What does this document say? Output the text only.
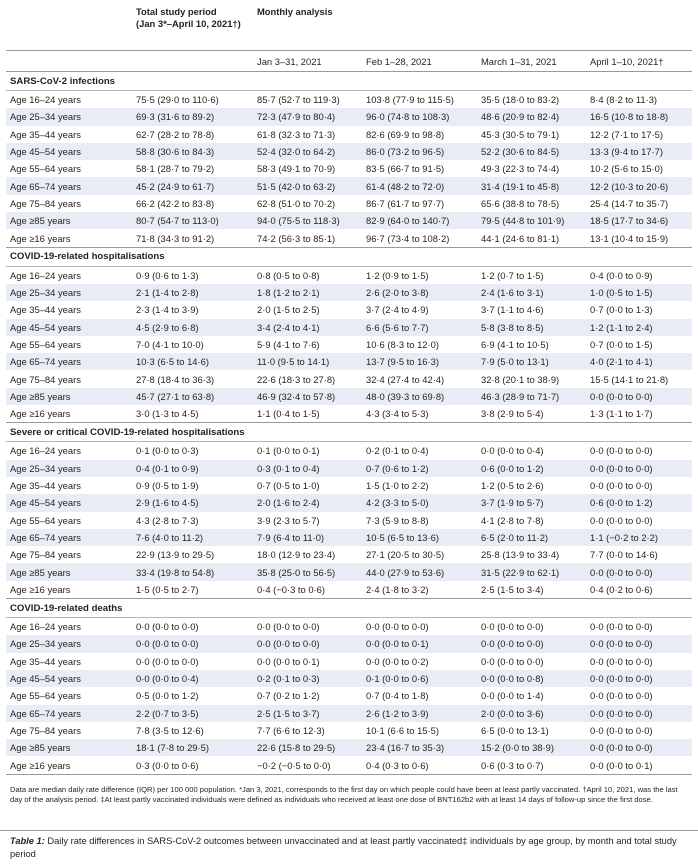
	Total study period
(Jan 3*–April 10, 2021†)	Monthly analysis			
		Jan 3–31, 2021	Feb 1–28, 2021	March 1–31, 2021	April 1–10, 2021†
SARS-CoV-2 infections					
Age 16–24 years	75·5 (29·0 to 110·6)	85·7 (52·7 to 119·3)	103·8 (77·9 to 115·5)	35·5 (18·0 to 83·2)	8·4 (8·2 to 11·3)
Age 25–34 years	69·3 (31·6 to 89·2)	72·3 (47·9 to 80·4)	96·0 (74·8 to 108·3)	48·6 (20·9 to 82·4)	16·5 (10·8 to 18·8)
Age 35–44 years	62·7 (28·2 to 78·8)	61·8 (32·3 to 71·3)	82·6 (69·9 to 98·8)	45·3 (30·5 to 79·1)	12·2 (7·1 to 17·5)
Age 45–54 years	58·8 (30·6 to 84·3)	52·4 (32·0 to 64·2)	86·0 (73·2 to 96·5)	52·2 (30·6 to 84·5)	13·3 (9·4 to 17·7)
Age 55–64 years	58·1 (28·7 to 79·2)	58·3 (49·1 to 70·9)	83·5 (66·7 to 91·5)	49·3 (22·3 to 74·4)	10·2 (5·6 to 15·0)
Age 65–74 years	45·2 (24·9 to 61·7)	51·5 (42·0 to 63·2)	61·4 (48·2 to 72·0)	31·4 (19·1 to 45·8)	12·2 (10·3 to 20·6)
Age 75–84 years	66·2 (42·2 to 83·8)	62·8 (51·0 to 70·2)	86·7 (61·7 to 97·7)	65·6 (38·8 to 78·5)	25·4 (14·7 to 35·7)
Age ≥85 years	80·7 (54·7 to 113·0)	94·0 (75·5 to 118·3)	82·9 (64·0 to 140·7)	79·5 (44·8 to 101·9)	18·5 (17·7 to 34·6)
Age ≥16 years	71·8 (34·3 to 91·2)	74·2 (56·3 to 85·1)	96·7 (73·4 to 108·2)	44·1 (24·6 to 81·1)	13·1 (10·4 to 15·9)
COVID-19-related hospitalisations					
Age 16–24 years	0·9 (0·6 to 1·3)	0·8 (0·5 to 0·8)	1·2 (0·9 to 1·5)	1·2 (0·7 to 1·5)	0·4 (0·0 to 0·9)
Age 25–34 years	2·1 (1·4 to 2·8)	1·8 (1·2 to 2·1)	2·6 (2·0 to 3·8)	2·4 (1·6 to 3·1)	1·0 (0·5 to 1·5)
Age 35–44 years	2·3 (1·4 to 3·9)	2·0 (1·5 to 2·5)	3·7 (2·4 to 4·9)	3·7 (1·1 to 4·6)	0·7 (0·0 to 1·3)
Age 45–54 years	4·5 (2·9 to 6·8)	3·4 (2·4 to 4·1)	6·6 (5·6 to 7·7)	5·8 (3·8 to 8·5)	1·2 (1·1 to 2·4)
Age 55–64 years	7·0 (4·1 to 10·0)	5·9 (4·1 to 7·6)	10·6 (8·3 to 12·0)	6·9 (4·1 to 10·5)	0·7 (0·0 to 1·5)
Age 65–74 years	10·3 (6·5 to 14·6)	11·0 (9·5 to 14·1)	13·7 (9·5 to 16·3)	7·9 (5·0 to 13·1)	4·0 (2·1 to 4·1)
Age 75–84 years	27·8 (18·4 to 36·3)	22·6 (18·3 to 27·8)	32·4 (27·4 to 42·4)	32·8 (20·1 to 38·9)	15·5 (14·1 to 21·8)
Age ≥85 years	45·7 (27·1 to 63·8)	46·9 (32·4 to 57·8)	48·0 (39·3 to 69·8)	46·3 (28·9 to 71·7)	0·0 (0·0 to 0·0)
Age ≥16 years	3·0 (1·3 to 4·5)	1·1 (0·4 to 1·5)	4·3 (3·4 to 5·3)	3·8 (2·9 to 5·4)	1·3 (1·1 to 1·7)
Severe or critical COVID-19-related hospitalisations					
Age 16–24 years	0·1 (0·0 to 0·3)	0·1 (0·0 to 0·1)	0·2 (0·1 to 0·4)	0·0 (0·0 to 0·4)	0·0 (0·0 to 0·0)
Age 25–34 years	0·4 (0·1 to 0·9)	0·3 (0·1 to 0·4)	0·7 (0·6 to 1·2)	0·6 (0·0 to 1·2)	0·0 (0·0 to 0·0)
Age 35–44 years	0·9 (0·5 to 1·9)	0·7 (0·5 to 1·0)	1·5 (1·0 to 2·2)	1·2 (0·5 to 2·6)	0·0 (0·0 to 0·0)
Age 45–54 years	2·9 (1·6 to 4·5)	2·0 (1·6 to 2·4)	4·2 (3·3 to 5·0)	3·7 (1·9 to 5·7)	0·6 (0·0 to 1·2)
Age 55–64 years	4·3 (2·8 to 7·3)	3·9 (2·3 to 5·7)	7·3 (5·9 to 8·8)	4·1 (2·8 to 7·8)	0·0 (0·0 to 0·0)
Age 65–74 years	7·6 (4·0 to 11·2)	7·9 (6·4 to 11·0)	10·5 (6·5 to 13·6)	6·5 (2·0 to 11·2)	1·1 (−0·2 to 2·2)
Age 75–84 years	22·9 (13·9 to 29·5)	18·0 (12·9 to 23·4)	27·1 (20·5 to 30·5)	25·8 (13·9 to 33·4)	7·7 (0·0 to 14·6)
Age ≥85 years	33·4 (19·8 to 54·8)	35·8 (25·0 to 56·5)	44·0 (27·9 to 53·6)	31·5 (22·9 to 62·1)	0·0 (0·0 to 0·0)
Age ≥16 years	1·5 (0·5 to 2·7)	0·4 (−0·3 to 0·6)	2·4 (1·8 to 3·2)	2·5 (1·5 to 3·4)	0·4 (0·2 to 0·6)
COVID-19-related deaths					
Age 16–24 years	0·0 (0·0 to 0·0)	0·0 (0·0 to 0·0)	0·0 (0·0 to 0·0)	0·0 (0·0 to 0·0)	0·0 (0·0 to 0·0)
Age 25–34 years	0·0 (0·0 to 0·0)	0·0 (0·0 to 0·0)	0·0 (0·0 to 0·1)	0·0 (0·0 to 0·0)	0·0 (0·0 to 0·0)
Age 35–44 years	0·0 (0·0 to 0·0)	0·0 (0·0 to 0·1)	0·0 (0·0 to 0·2)	0·0 (0·0 to 0·0)	0·0 (0·0 to 0·0)
Age 45–54 years	0·0 (0·0 to 0·4)	0·2 (0·1 to 0·3)	0·1 (0·0 to 0·6)	0·0 (0·0 to 0·8)	0·0 (0·0 to 0·0)
Age 55–64 years	0·5 (0·0 to 1·2)	0·7 (0·2 to 1·2)	0·7 (0·4 to 1·8)	0·0 (0·0 to 1·4)	0·0 (0·0 to 0·0)
Age 65–74 years	2·2 (0·7 to 3·5)	2·5 (1·5 to 3·7)	2·6 (1·2 to 3·9)	2·0 (0·0 to 3·6)	0·0 (0·0 to 0·0)
Age 75–84 years	7·8 (3·5 to 12·6)	7·7 (6·6 to 12·3)	10·1 (6·6 to 15·5)	6·5 (0·0 to 13·1)	0·0 (0·0 to 0·0)
Age ≥85 years	18·1 (7·8 to 29·5)	22·6 (15·8 to 29·5)	23·4 (16·7 to 35·3)	15·2 (0·0 to 38·9)	0·0 (0·0 to 0·0)
Age ≥16 years	0·3 (0·0 to 0·6)	−0·2 (−0·5 to 0·0)	0·4 (0·3 to 0·6)	0·6 (0·3 to 0·7)	0·0 (0·0 to 0·1)
Data are median daily rate difference (IQR) per 100 000 population. *Jan 3, 2021, corresponds to the first day on which people could have been at least partly vaccinated. †April 10, 2021, was the last day of the analysis period. ‡At least partly vaccinated individuals were defined as individuals who received at least one dose of BNT162b2 with at least 14 days of follow-up since the first dose.
Table 1: Daily rate differences in SARS-CoV-2 outcomes between unvaccinated and at least partly vaccinated‡ individuals by age group, by month and total study period
